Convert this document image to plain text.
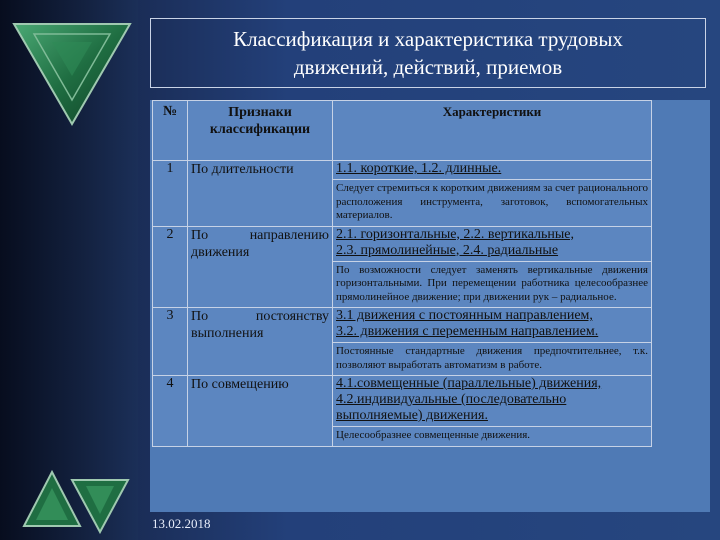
Классификация и характеристика трудовых
движений, действий, приемов
№	Признаки классификации	Характеристики
1	По длительности	1.1. короткие, 1.2. длинные.
Следует стремиться к коротким движениям за счет рационального расположения инструмента, заготовок, вспомогательных материалов.

2	По направлению движения	2.1. горизонтальные, 2.2. вертикальные,
2.3. прямолинейные, 2.4. радиальные
По возможности следует заменять вертикальные движения горизонтальными. При перемещении работника целесообразнее прямолинейное движение; при движении рук – радиальное.

3	По постоянству выполнения	3.1 движения с постоянным направлением,
3.2. движения с переменным направлением.
Постоянные стандартные движения предпочтительнее, т.к. позволяют выработать автоматизм в работе.

4	По совмещению	4.1.совмещенные (параллельные) движения,
4.2.индивидуальные (последовательно выполняемые) движения.
Целесообразнее совмещенные движения.
13.02.2018
